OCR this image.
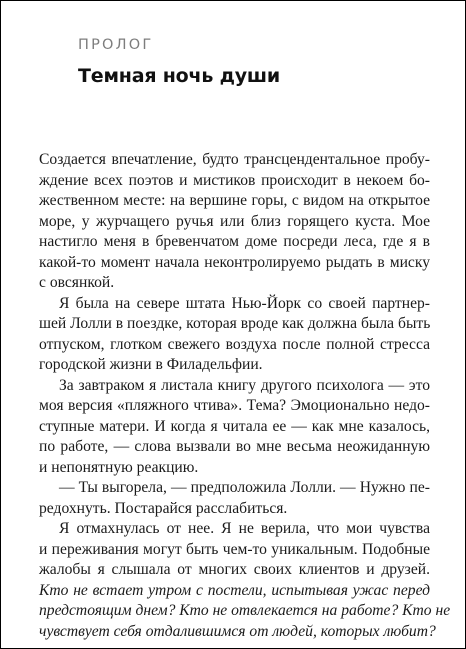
ПРОЛОГ
Темная ночь души
Создается впечатление, будто трансцендентальное пробу-
ждение всех поэтов и мистиков происходит в некоем бо-
жественном месте: на вершине горы, с видом на открытое
море, у журчащего ручья или близ горящего куста. Мое
настигло меня в бревенчатом доме посреди леса, где я в
какой-то момент начала неконтролируемо рыдать в миску
с овсянкой.
Я была на севере штата Нью-Йорк со своей партнер-
шей Лолли в поездке, которая вроде как должна была быть
отпуском, глотком свежего воздуха после полной стресса
городской жизни в Филадельфии.
За завтраком я листала книгу другого психолога — это
моя версия «пляжного чтива». Тема? Эмоционально недо-
ступные матери. И когда я читала ее — как мне казалось,
по работе, — слова вызвали во мне весьма неожиданную
и непонятную реакцию.
— Ты выгорела, — предположила Лолли. — Нужно пе-
редохнуть. Постарайся расслабиться.
Я отмахнулась от нее. Я не верила, что мои чувства
и переживания могут быть чем-то уникальным. Подобные
жалобы я слышала от многих своих клиентов и друзей.
Кто не встает утром с постели, испытывая ужас перед
предстоящим днем? Кто не отвлекается на работе? Кто не
чувствует себя отдалившимся от людей, которых любит?
